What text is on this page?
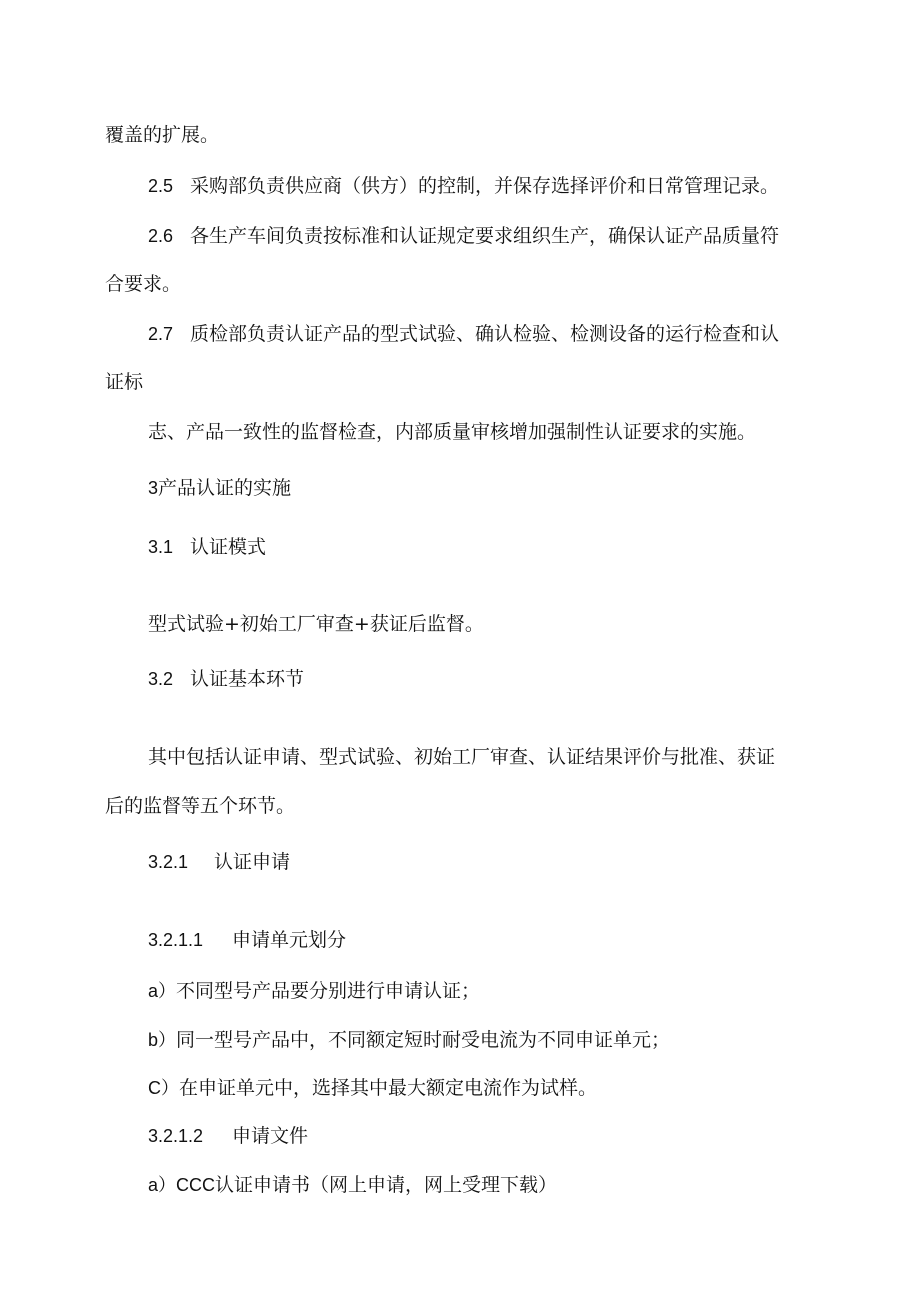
覆盖的扩展。

2.5 采购部负责供应商（供方）的控制，并保存选择评价和日常管理记录。

2.6 各生产车间负责按标准和认证规定要求组织生产，确保认证产品质量符

合要求。

2.7 质检部负责认证产品的型式试验、确认检验、检测设备的运行检查和认

证标

志、产品一致性的监督检查，内部质量审核增加强制性认证要求的实施。

3产品认证的实施

3.1 认证模式

型式试验+初始工厂审查+获证后监督。

3.2 认证基本环节

其中包括认证申请、型式试验、初始工厂审查、认证结果评价与批准、获证

后的监督等五个环节。

3.2.1 认证申请

3.2.1.1 申请单元划分

a）不同型号产品要分别进行申请认证；

b）同一型号产品中，不同额定短时耐受电流为不同申证单元；

C）在申证单元中，选择其中最大额定电流作为试样。

3.2.1.2 申请文件

a）CCC认证申请书（网上申请，网上受理下载）
